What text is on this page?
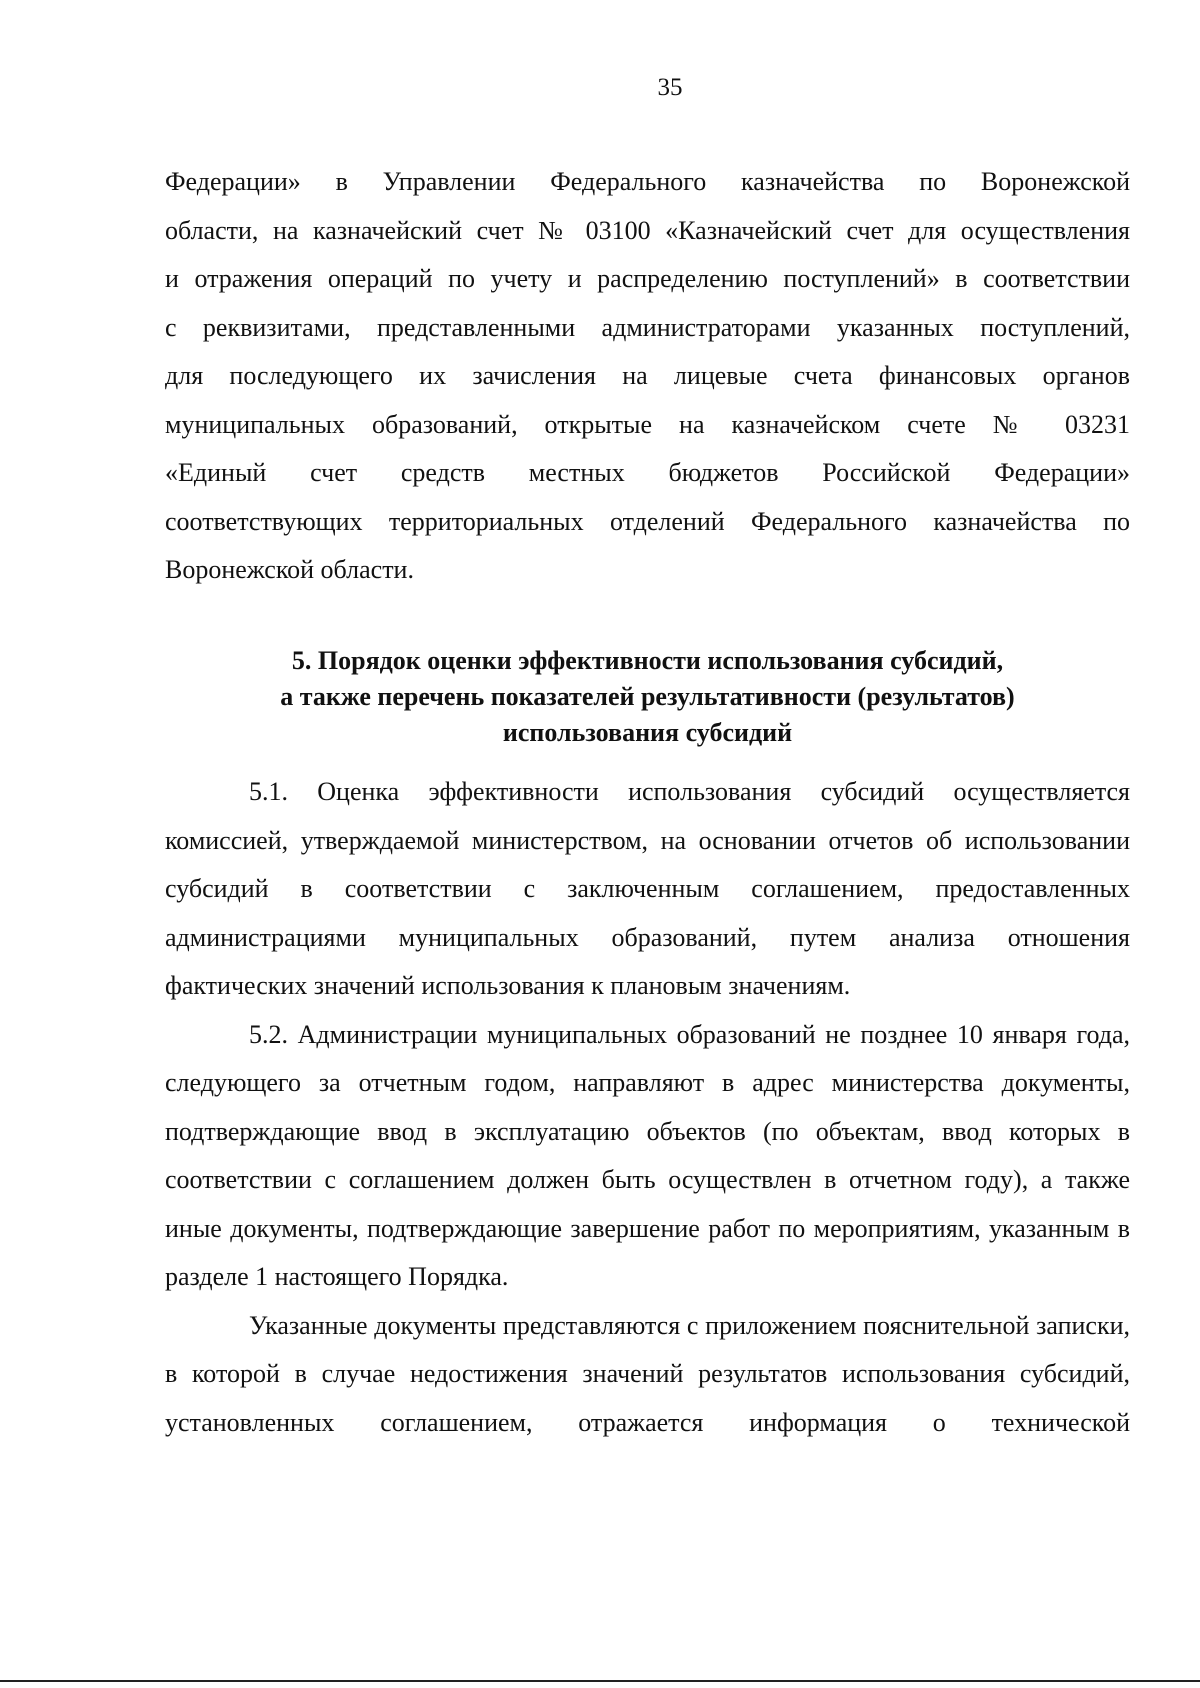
35
Федерации» в Управлении Федерального казначейства по Воронежской
области, на казначейский счет № 03100 «Казначейский счет для осуществления
и отражения операций по учету и распределению поступлений» в соответствии
с реквизитами, представленными администраторами указанных поступлений,
для последующего их зачисления на лицевые счета финансовых органов
муниципальных образований, открытые на казначейском счете № 03231
«Единый счет средств местных бюджетов Российской Федерации»
соответствующих территориальных отделений Федерального казначейства по
Воронежской области.
5. Порядок оценки эффективности использования субсидий,
а также перечень показателей результативности (результатов)
использования субсидий

5.1. Оценка эффективности использования субсидий осуществляется комиссией, утверждаемой министерством, на основании отчетов об использовании субсидий в соответствии с заключенным соглашением, предоставленных администрациями муниципальных образований, путем анализа отношения фактических значений использования к плановым значениям.

5.2. Администрации муниципальных образований не позднее 10 января года, следующего за отчетным годом, направляют в адрес министерства документы, подтверждающие ввод в эксплуатацию объектов (по объектам, ввод которых в соответствии с соглашением должен быть осуществлен в отчетном году), а также иные документы, подтверждающие завершение работ по мероприятиям, указанным в разделе 1 настоящего Порядка.

Указанные документы представляются с приложением пояснительной записки, в которой в случае недостижения значений результатов использования субсидий, установленных соглашением, отражается информация о технической
